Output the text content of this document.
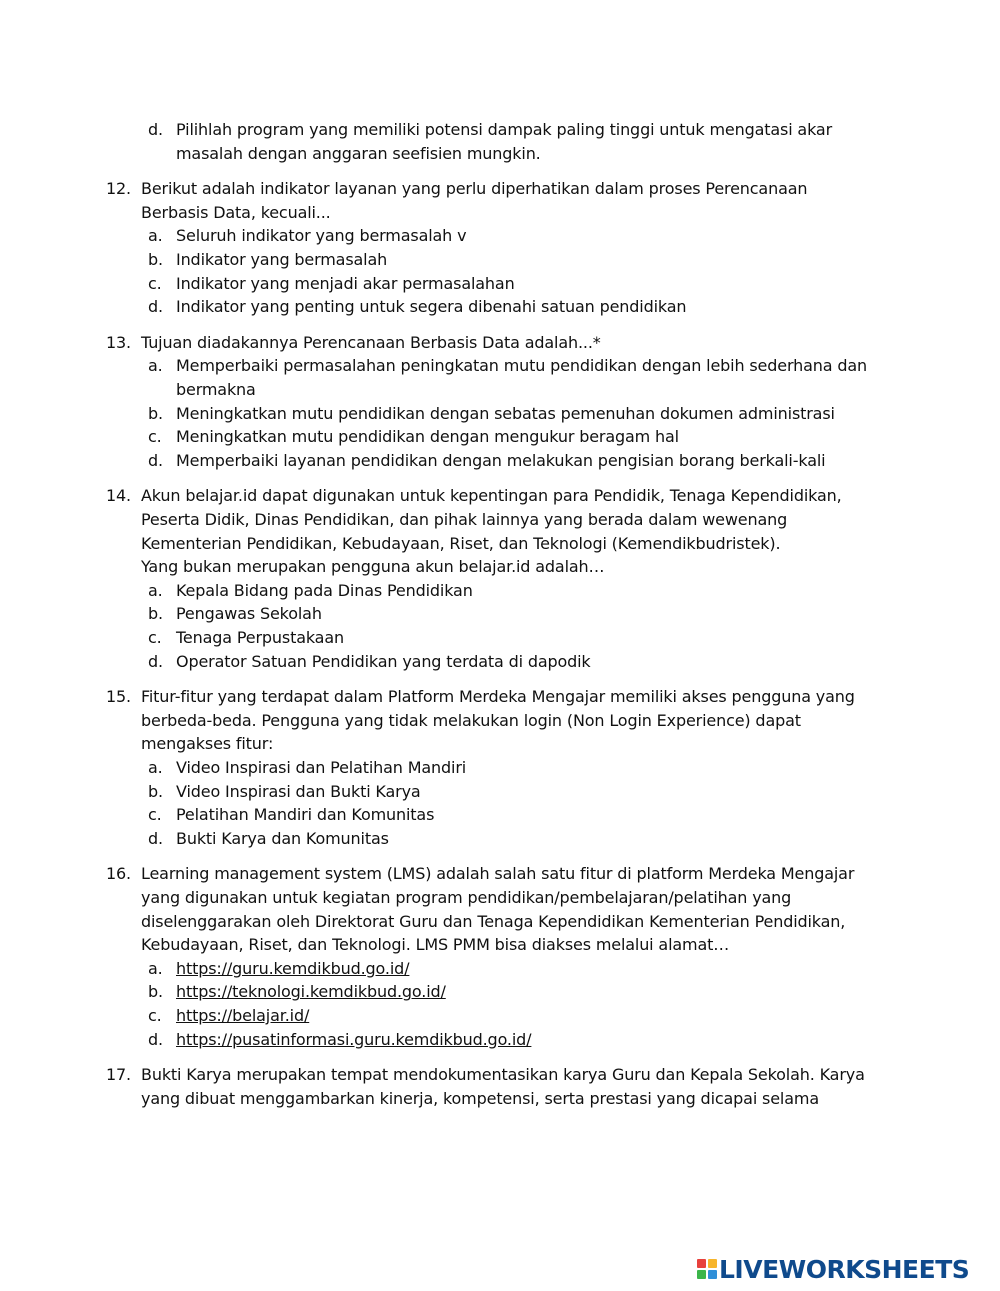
d. Pilihlah program yang memiliki potensi dampak paling tinggi untuk mengatasi akar
masalah dengan anggaran seefisien mungkin.
12. Berikut adalah indikator layanan yang perlu diperhatikan dalam proses Perencanaan
Berbasis Data, kecuali...
a. Seluruh indikator yang bermasalah v
b. Indikator yang bermasalah
c. Indikator yang menjadi akar permasalahan
d. Indikator yang penting untuk segera dibenahi satuan pendidikan
13. Tujuan diadakannya Perencanaan Berbasis Data adalah...*
a. Memperbaiki permasalahan peningkatan mutu pendidikan dengan lebih sederhana dan
bermakna
b. Meningkatkan mutu pendidikan dengan sebatas pemenuhan dokumen administrasi
c. Meningkatkan mutu pendidikan dengan mengukur beragam hal
d. Memperbaiki layanan pendidikan dengan melakukan pengisian borang berkali-kali
14. Akun belajar.id dapat digunakan untuk kepentingan para Pendidik, Tenaga Kependidikan,
Peserta Didik, Dinas Pendidikan, dan pihak lainnya yang berada dalam wewenang
Kementerian Pendidikan, Kebudayaan, Riset, dan Teknologi (Kemendikbudristek).
Yang bukan merupakan pengguna akun belajar.id adalah…
a. Kepala Bidang pada Dinas Pendidikan
b. Pengawas Sekolah
c. Tenaga Perpustakaan
d. Operator Satuan Pendidikan yang terdata di dapodik
15. Fitur-fitur yang terdapat dalam Platform Merdeka Mengajar memiliki akses pengguna yang
berbeda-beda. Pengguna yang tidak melakukan login (Non Login Experience) dapat
mengakses fitur:
a. Video Inspirasi dan Pelatihan Mandiri
b. Video Inspirasi dan Bukti Karya
c. Pelatihan Mandiri dan Komunitas
d. Bukti Karya dan Komunitas
16. Learning management system (LMS) adalah salah satu fitur di platform Merdeka Mengajar
yang digunakan untuk kegiatan program pendidikan/pembelajaran/pelatihan yang
diselenggarakan oleh Direktorat Guru dan Tenaga Kependidikan Kementerian Pendidikan,
Kebudayaan, Riset, dan Teknologi. LMS PMM bisa diakses melalui alamat…
a. https://guru.kemdikbud.go.id/
b. https://teknologi.kemdikbud.go.id/
c. https://belajar.id/
d. https://pusatinformasi.guru.kemdikbud.go.id/
17. Bukti Karya merupakan tempat mendokumentasikan karya Guru dan Kepala Sekolah. Karya
yang dibuat menggambarkan kinerja, kompetensi, serta prestasi yang dicapai selama
LIVEWORKSHEETS
